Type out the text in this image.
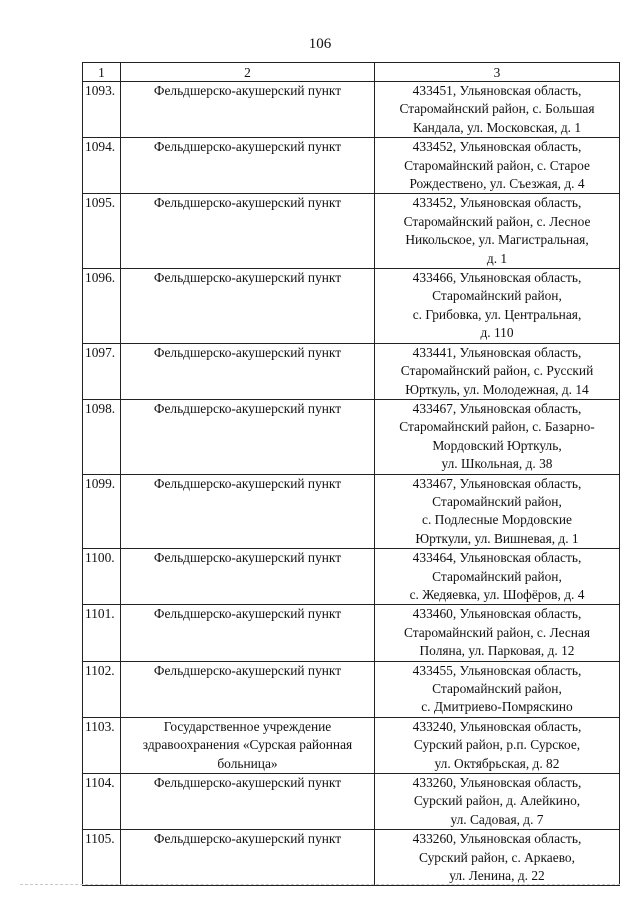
106
1	2	3
1093.	Фельдшерско-акушерский пункт	433451, Ульяновская область,
Старомайнский район, с. Большая
Кандала, ул. Московская, д. 1

1094.	Фельдшерско-акушерский пункт	433452, Ульяновская область,
Старомайнский район, с. Старое
Рождествено, ул. Съезжая, д. 4

1095.	Фельдшерско-акушерский пункт	433452, Ульяновская область,
Старомайнский район, с. Лесное
Никольское, ул. Магистральная,
д. 1

1096.	Фельдшерско-акушерский пункт	433466, Ульяновская область,
Старомайнский район,
с. Грибовка, ул. Центральная,
д. 110

1097.	Фельдшерско-акушерский пункт	433441, Ульяновская область,
Старомайнский район, с. Русский
Юрткуль, ул. Молодежная, д. 14

1098.	Фельдшерско-акушерский пункт	433467, Ульяновская область,
Старомайнский район, с. Базарно-
Мордовский Юрткуль,
ул. Школьная, д. 38

1099.	Фельдшерско-акушерский пункт	433467, Ульяновская область,
Старомайнский район,
с. Подлесные Мордовские
Юрткули, ул. Вишневая, д. 1

1100.	Фельдшерско-акушерский пункт	433464, Ульяновская область,
Старомайнский район,
с. Жедяевка, ул. Шофёров, д. 4

1101.	Фельдшерско-акушерский пункт	433460, Ульяновская область,
Старомайнский район, с. Лесная
Поляна, ул. Парковая, д. 12

1102.	Фельдшерско-акушерский пункт	433455, Ульяновская область,
Старомайнский район,
с. Дмитриево-Помряскино

1103.	Государственное учреждение здравоохранения «Сурская районная больница»	433240, Ульяновская область,
Сурский район, р.п. Сурское,
ул. Октябрьская, д. 82

1104.	Фельдшерско-акушерский пункт	433260, Ульяновская область,
Сурский район, д. Алейкино,
ул. Садовая, д. 7

1105.	Фельдшерско-акушерский пункт	433260, Ульяновская область,
Сурский район, с. Аркаево,
ул. Ленина, д. 22
